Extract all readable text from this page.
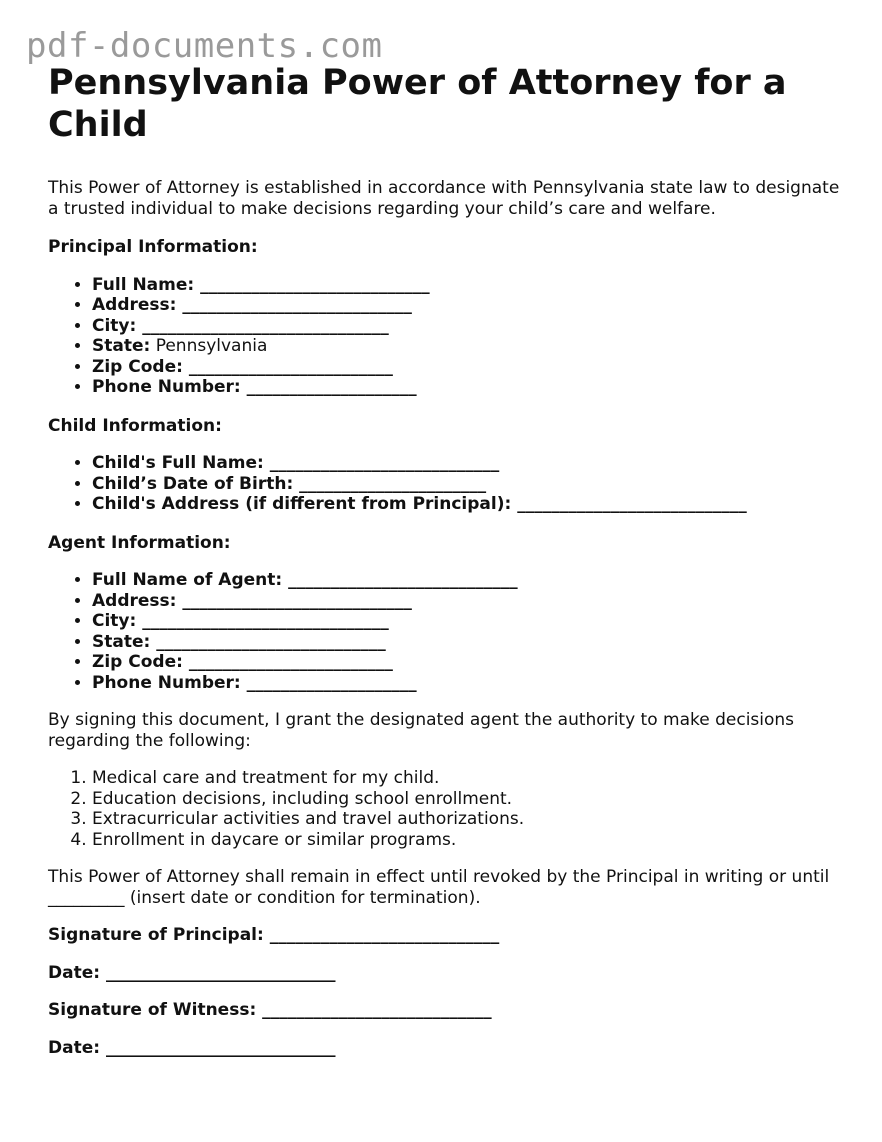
pdf-documents.com
Pennsylvania Power of Attorney for a Child

This Power of Attorney is established in accordance with Pennsylvania state law to designate a trusted individual to make decisions regarding your child’s care and welfare.

Principal Information:
• Full Name: ___________________________
• Address: ___________________________
• City: _____________________________
• State: Pennsylvania
• Zip Code: ________________________
• Phone Number: ____________________
Child Information:
• Child's Full Name: ___________________________
• Child’s Date of Birth: ______________________
• Child's Address (if different from Principal): ___________________________
Agent Information:
• Full Name of Agent: ___________________________
• Address: ___________________________
• City: _____________________________
• State: ___________________________
• Zip Code: ________________________
• Phone Number: ____________________

By signing this document, I grant the designated agent the authority to make decisions regarding the following:

1. Medical care and treatment for my child.
2. Education decisions, including school enrollment.
3. Extracurricular activities and travel authorizations.
4. Enrollment in daycare or similar programs.

This Power of Attorney shall remain in effect until revoked by the Principal in writing or until _________ (insert date or condition for termination).

Signature of Principal: ___________________________
Date: ___________________________
Signature of Witness: ___________________________
Date: ___________________________
